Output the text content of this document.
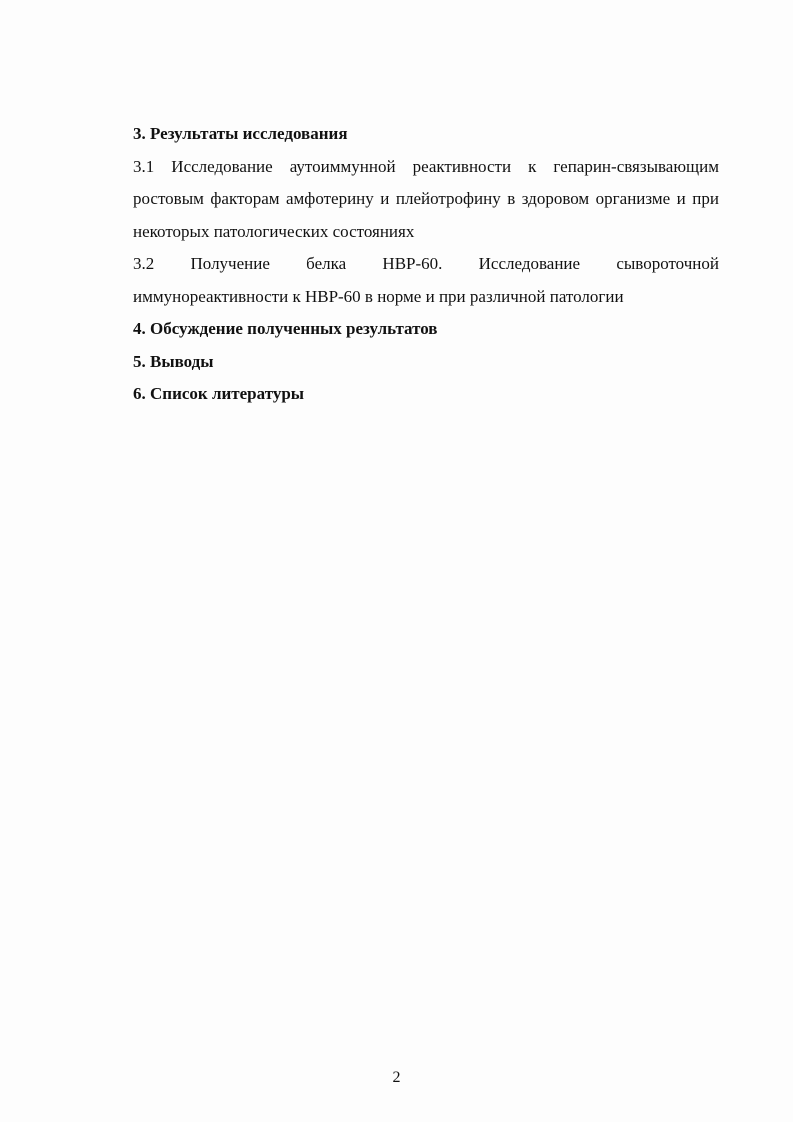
3. Результаты исследования

3.1 Исследование аутоиммунной реактивности к гепарин-связывающим ростовым факторам амфотерину и плейотрофину в здоровом организме и при некоторых патологических состояниях

3.2 Получение белка НВР-60. Исследование сывороточной

иммунореактивности к НВР-60 в норме и при различной патологии

4. Обсуждение полученных результатов

5. Выводы

6. Список литературы

2
